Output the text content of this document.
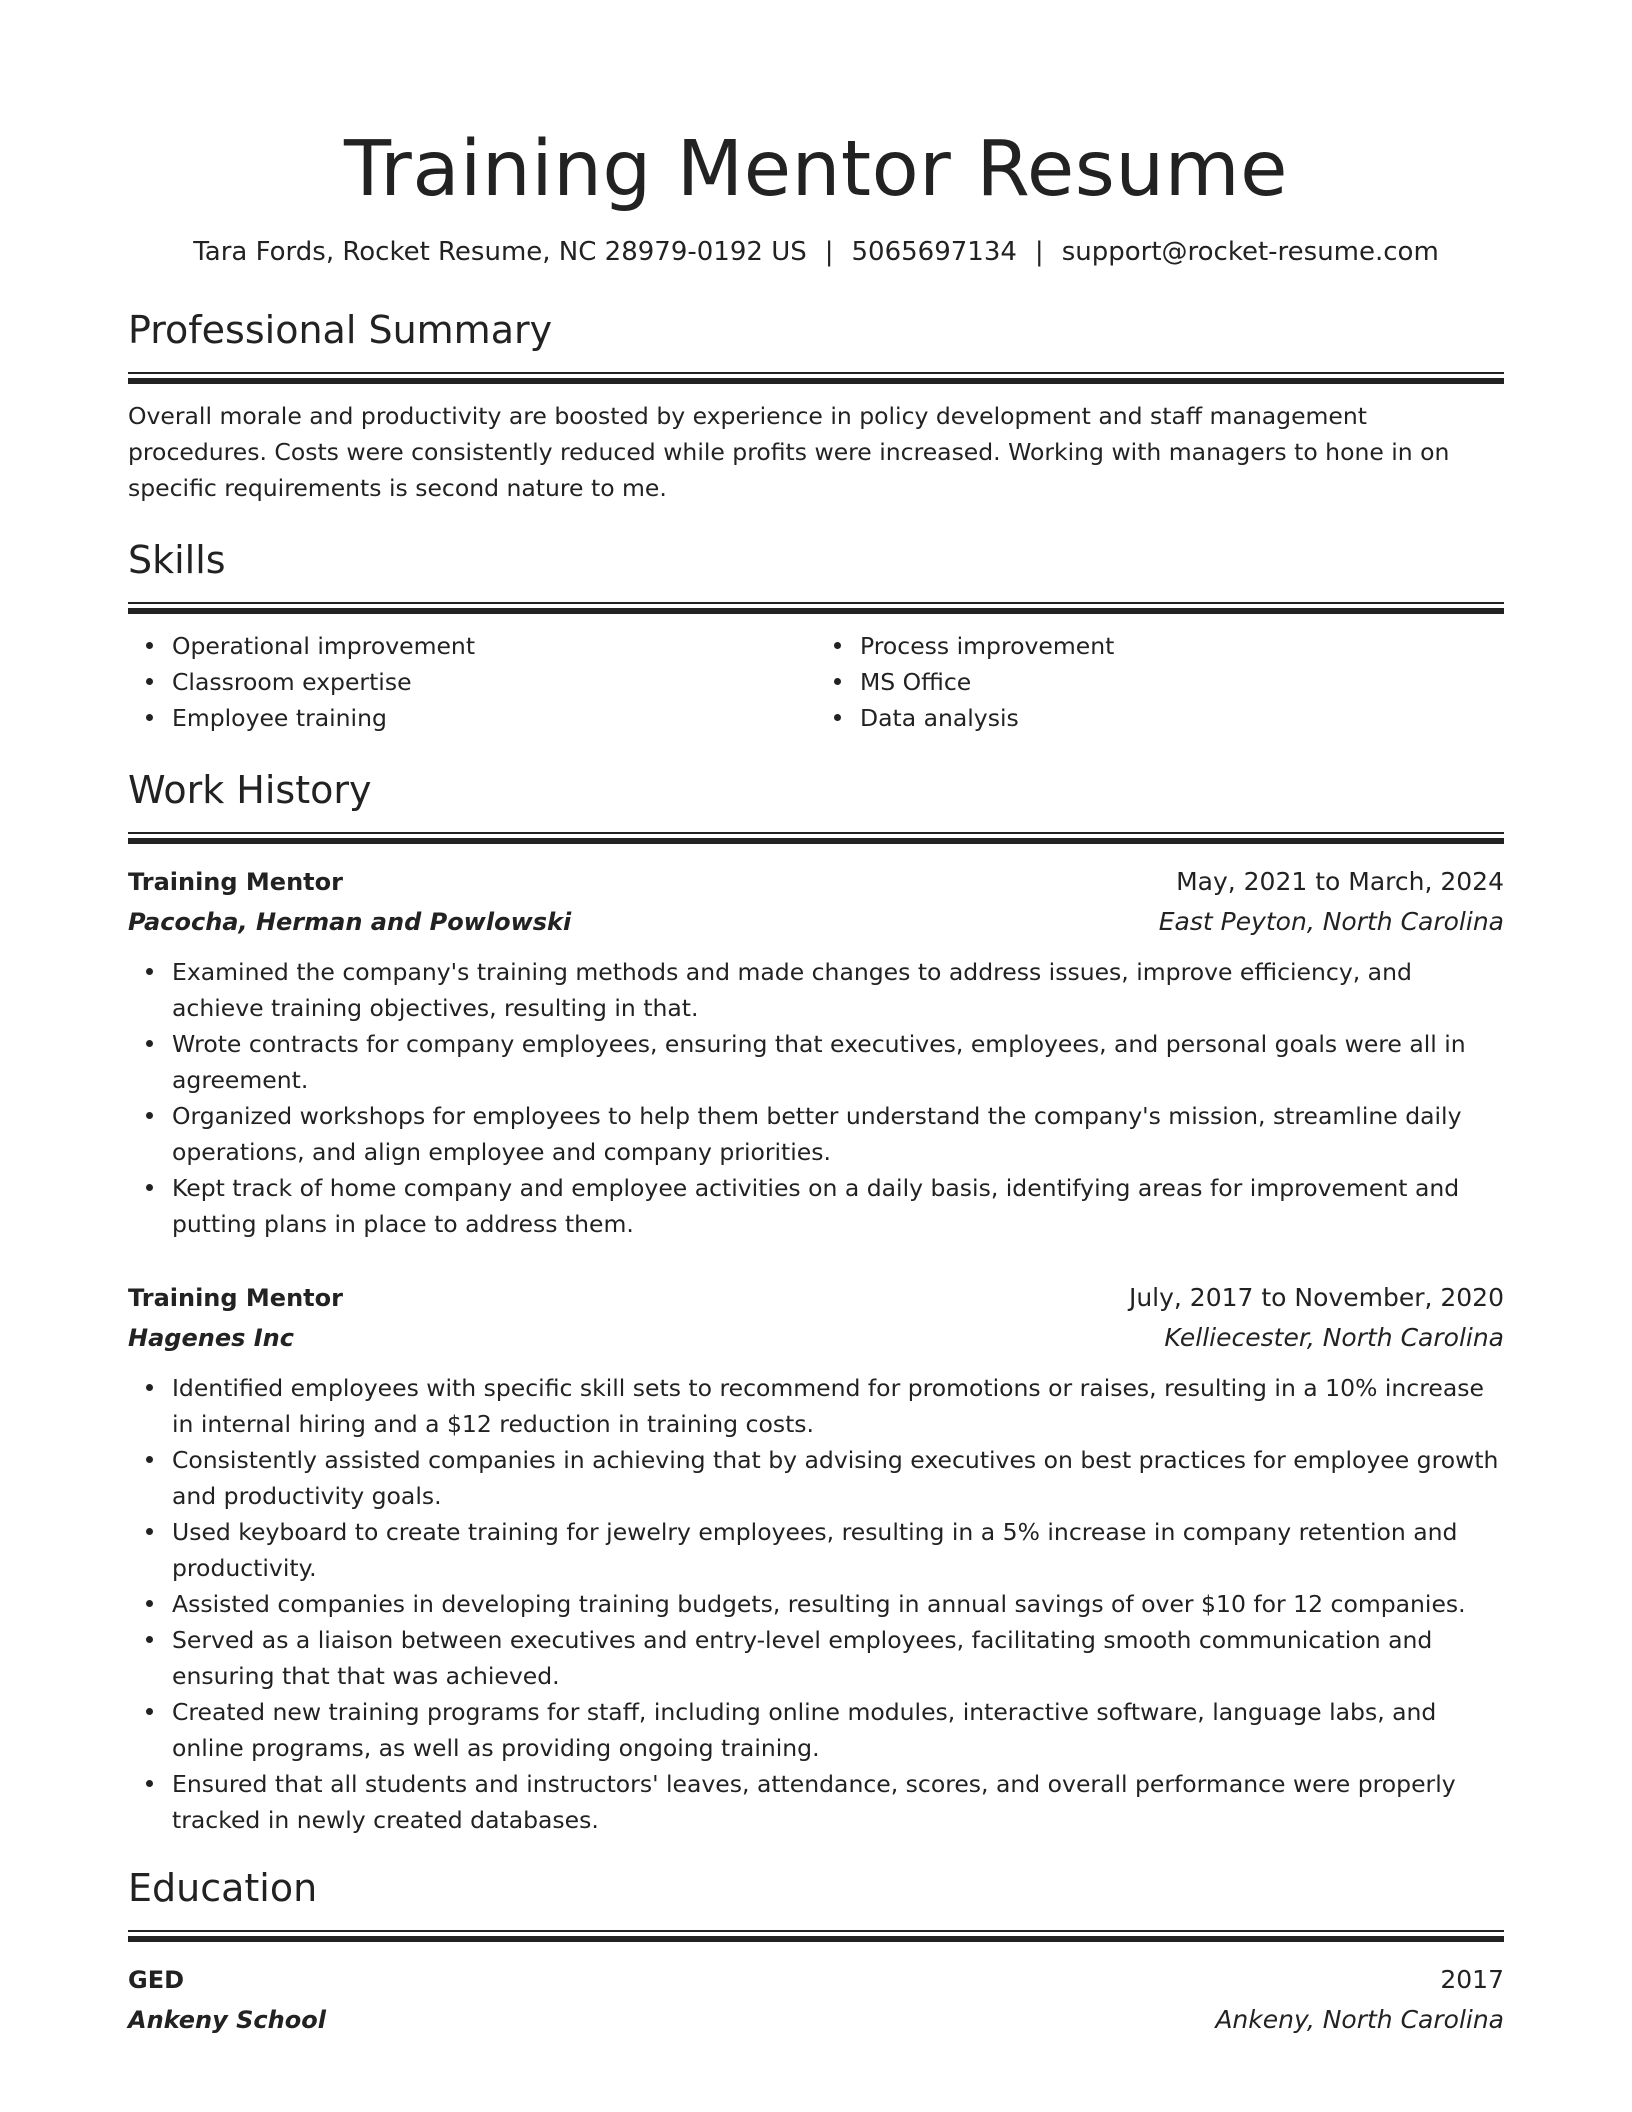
Training Mentor Resume
Tara Fords, Rocket Resume, NC 28979-0192 US | 5065697134 | support@rocket-resume.com
Professional Summary
Overall morale and productivity are boosted by experience in policy development and staff management procedures. Costs were consistently reduced while profits were increased. Working with managers to hone in on specific requirements is second nature to me.
Skills
Operational improvement
Classroom expertise
Employee training
Process improvement
MS Office
Data analysis
Work History
Training Mentor	May, 2021 to March, 2024
Pacocha, Herman and Powlowski	East Peyton, North Carolina
Examined the company's training methods and made changes to address issues, improve efficiency, and achieve training objectives, resulting in that.
Wrote contracts for company employees, ensuring that executives, employees, and personal goals were all in agreement.
Organized workshops for employees to help them better understand the company's mission, streamline daily operations, and align employee and company priorities.
Kept track of home company and employee activities on a daily basis, identifying areas for improvement and putting plans in place to address them.
Training Mentor	July, 2017 to November, 2020
Hagenes Inc	Kelliecester, North Carolina
Identified employees with specific skill sets to recommend for promotions or raises, resulting in a 10% increase in internal hiring and a $12 reduction in training costs.
Consistently assisted companies in achieving that by advising executives on best practices for employee growth and productivity goals.
Used keyboard to create training for jewelry employees, resulting in a 5% increase in company retention and productivity.
Assisted companies in developing training budgets, resulting in annual savings of over $10 for 12 companies.
Served as a liaison between executives and entry-level employees, facilitating smooth communication and ensuring that that was achieved.
Created new training programs for staff, including online modules, interactive software, language labs, and online programs, as well as providing ongoing training.
Ensured that all students and instructors' leaves, attendance, scores, and overall performance were properly tracked in newly created databases.
Education
GED	2017
Ankeny School	Ankeny, North Carolina
